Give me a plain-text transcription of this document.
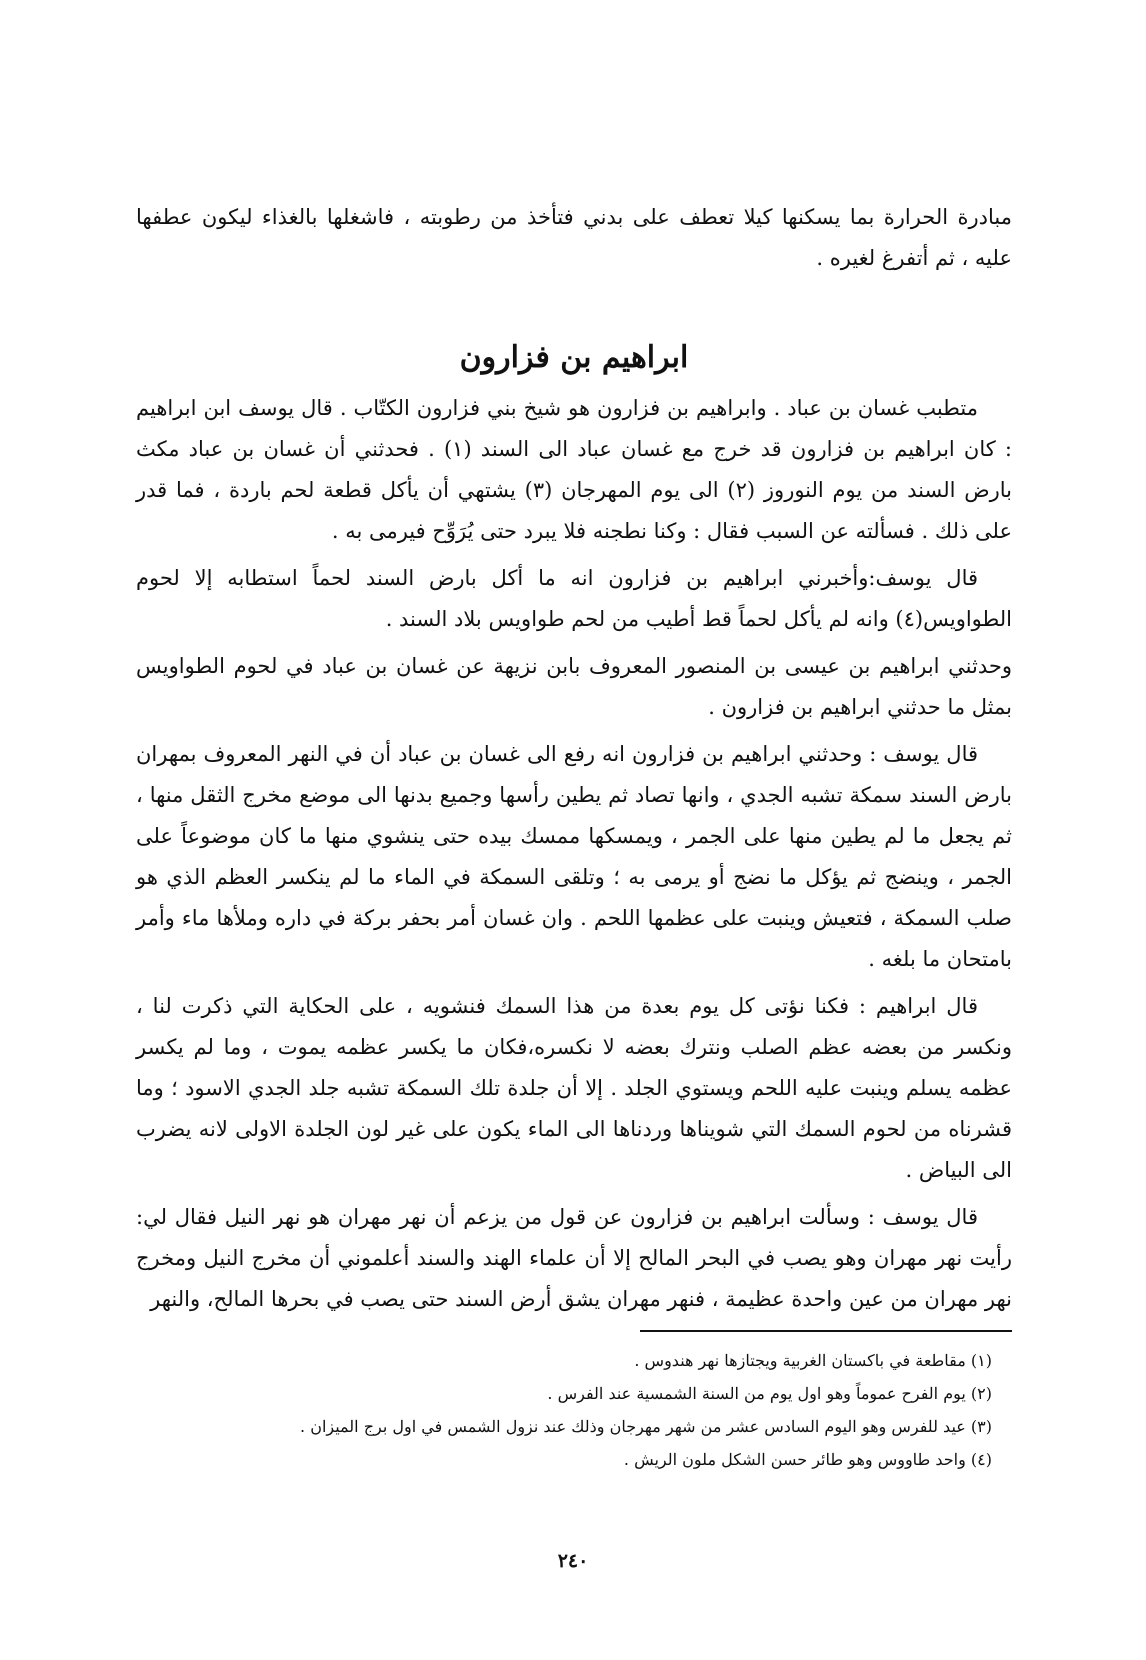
مبادرة الحرارة بما يسكنها كيلا تعطف على بدني فتأخذ من رطوبته ، فاشغلها بالغذاء ليكون عطفها عليه ، ثم أتفرغ لغيره .

ابراهيم بن فزارون

متطبب غسان بن عباد . وابراهيم بن فزارون هو شيخ بني فزارون الكتّاب . قال يوسف ابن ابراهيم : كان ابراهيم بن فزارون قد خرج مع غسان عباد الى السند (١) . فحدثني أن غسان بن عباد مكث بارض السند من يوم النوروز (٢) الى يوم المهرجان (٣) يشتهي أن يأكل قطعة لحم باردة ، فما قدر على ذلك . فسألته عن السبب فقال : وكنا نطجنه فلا يبرد حتى يُرَوِّح فيرمى به .

قال يوسف:وأخبرني ابراهيم بن فزارون انه ما أكل بارض السند لحماً استطابه إلا لحوم الطواويس(٤) وانه لم يأكل لحماً قط أطيب من لحم طواويس بلاد السند .

وحدثني ابراهيم بن عيسى بن المنصور المعروف بابن نزيهة عن غسان بن عباد في لحوم الطواويس بمثل ما حدثني ابراهيم بن فزارون .

قال يوسف : وحدثني ابراهيم بن فزارون انه رفع الى غسان بن عباد أن في النهر المعروف بمهران بارض السند سمكة تشبه الجدي ، وانها تصاد ثم يطين رأسها وجميع بدنها الى موضع مخرج الثقل منها ، ثم يجعل ما لم يطين منها على الجمر ، ويمسكها ممسك بيده حتى ينشوي منها ما كان موضوعاً على الجمر ، وينضج ثم يؤكل ما نضج أو يرمى به ؛ وتلقى السمكة في الماء ما لم ينكسر العظم الذي هو صلب السمكة ، فتعيش وينبت على عظمها اللحم . وان غسان أمر بحفر بركة في داره وملأها ماء وأمر بامتحان ما بلغه .

قال ابراهيم : فكنا نؤتى كل يوم بعدة من هذا السمك فنشويه ، على الحكاية التي ذكرت لنا ، ونكسر من بعضه عظم الصلب ونترك بعضه لا نكسره،فكان ما يكسر عظمه يموت ، وما لم يكسر عظمه يسلم وينبت عليه اللحم ويستوي الجلد . إلا أن جلدة تلك السمكة تشبه جلد الجدي الاسود ؛ وما قشرناه من لحوم السمك التي شويناها وردناها الى الماء يكون على غير لون الجلدة الاولى لانه يضرب الى البياض .

قال يوسف : وسألت ابراهيم بن فزارون عن قول من يزعم أن نهر مهران هو نهر النيل فقال لي: رأيت نهر مهران وهو يصب في البحر المالح إلا أن علماء الهند والسند أعلموني أن مخرج النيل ومخرج نهر مهران من عين واحدة عظيمة ، فنهر مهران يشق أرض السند حتى يصب في بحرها المالح، والنهر

(١) مقاطعة في باكستان الغربية ويجتازها نهر هندوس .

(٢) يوم الفرح عموماً وهو اول يوم من السنة الشمسية عند الفرس .

(٣) عيد للفرس وهو اليوم السادس عشر من شهر مهرجان وذلك عند نزول الشمس في اول برج الميزان .

(٤) واحد طاووس وهو طائر حسن الشكل ملون الريش .

٢٤٠
